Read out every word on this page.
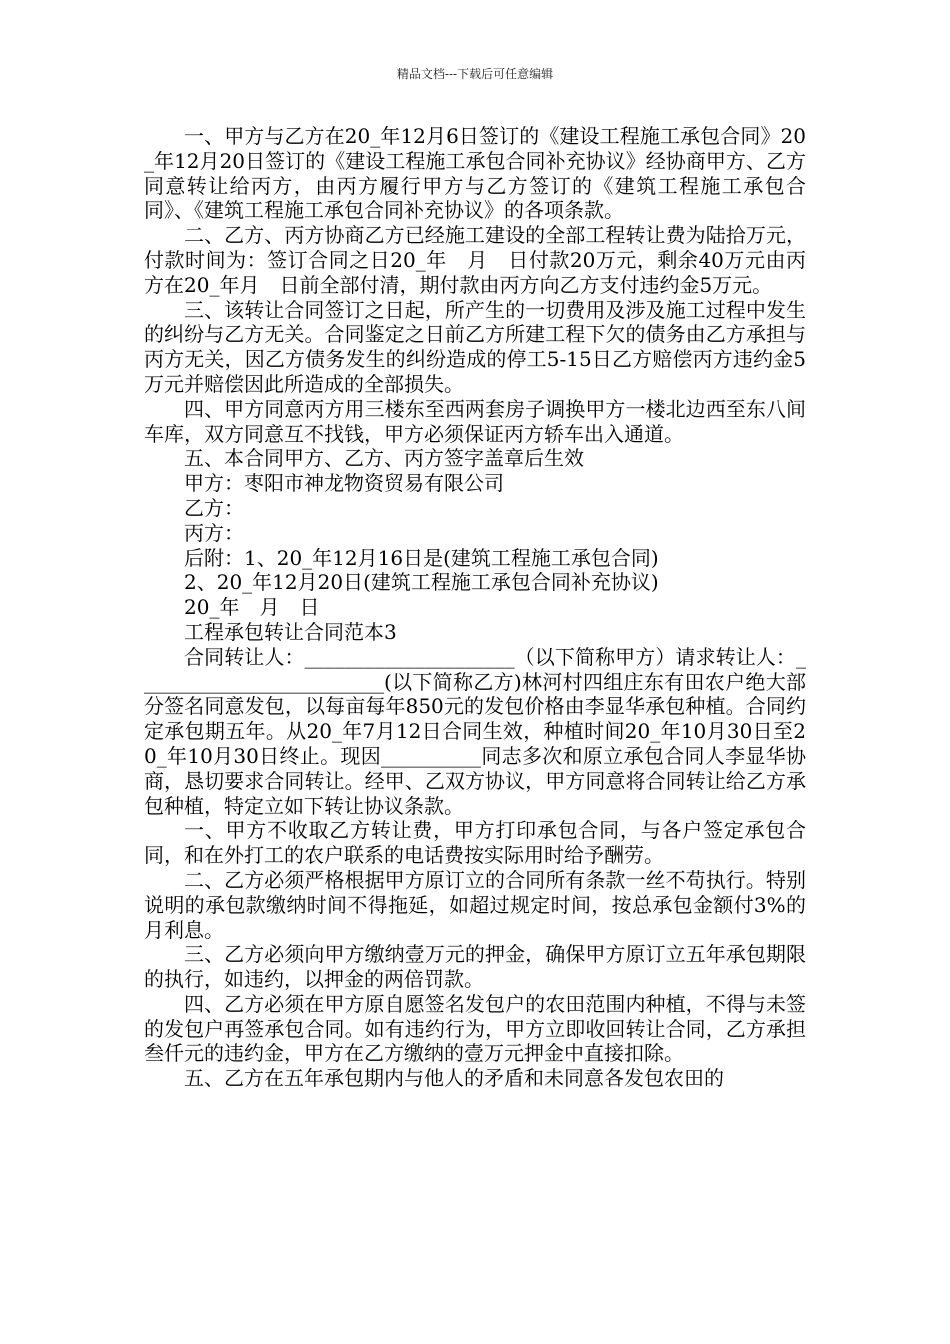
精品文档---下载后可任意编辑

一、甲方与乙方在20_年12月6日签订的《建设工程施工承包合同》20_年12月20日签订的《建设工程施工承包合同补充协议》经协商甲方、乙方同意转让给丙方，由丙方履行甲方与乙方签订的《建筑工程施工承包合同》、《建筑工程施工承包合同补充协议》的各项条款。

二、乙方、丙方协商乙方已经施工建设的全部工程转让费为陆拾万元，付款时间为：签订合同之日20_年　月　日付款20万元，剩余40万元由丙方在20_年月　日前全部付清，期付款由丙方向乙方支付违约金5万元。

三、该转让合同签订之日起，所产生的一切费用及涉及施工过程中发生的纠纷与乙方无关。合同鉴定之日前乙方所建工程下欠的债务由乙方承担与丙方无关，因乙方债务发生的纠纷造成的停工5-15日乙方赔偿丙方违约金5万元并赔偿因此所造成的全部损失。

四、甲方同意丙方用三楼东至西两套房子调换甲方一楼北边西至东八间车库，双方同意互不找钱，甲方必须保证丙方轿车出入通道。

五、本合同甲方、乙方、丙方签字盖章后生效

甲方：枣阳市神龙物资贸易有限公司

乙方：

丙方：

后附：1、20_年12月16日是(建筑工程施工承包合同)

2、20_年12月20日(建筑工程施工承包合同补充协议)

20_年　月　日

工程承包转让合同范本3

合同转让人：_____________________（以下简称甲方）请求转让人：_________________________(以下简称乙方)林河村四组庄东有田农户绝大部分签名同意发包，以每亩每年850元的发包价格由李显华承包种植。合同约定承包期五年。从20_年7月12日合同生效，种植时间20_年10月30日至20_年10月30日终止。现因__________同志多次和原立承包合同人李显华协商，恳切要求合同转让。经甲、乙双方协议，甲方同意将合同转让给乙方承包种植，特定立如下转让协议条款。

一、甲方不收取乙方转让费，甲方打印承包合同，与各户签定承包合同，和在外打工的农户联系的电话费按实际用时给予酬劳。

二、乙方必须严格根据甲方原订立的合同所有条款一丝不苟执行。特别说明的承包款缴纳时间不得拖延，如超过规定时间，按总承包金额付3%的月利息。

三、乙方必须向甲方缴纳壹万元的押金，确保甲方原订立五年承包期限的执行，如违约，以押金的两倍罚款。

四、乙方必须在甲方原自愿签名发包户的农田范围内种植，不得与未签的发包户再签承包合同。如有违约行为，甲方立即收回转让合同，乙方承担叁仟元的违约金，甲方在乙方缴纳的壹万元押金中直接扣除。

五、乙方在五年承包期内与他人的矛盾和未同意各发包农田的
